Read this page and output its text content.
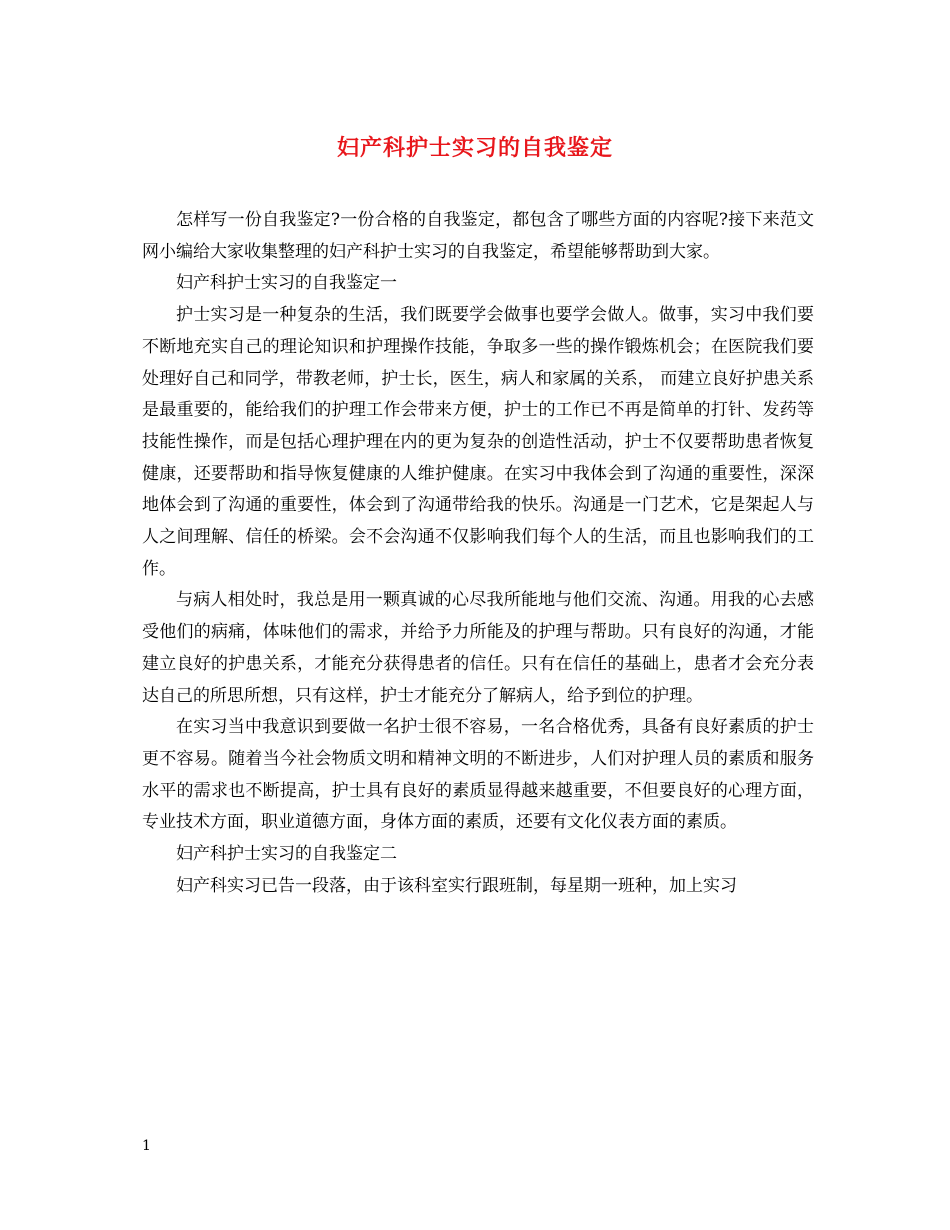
妇产科护士实习的自我鉴定

怎样写一份自我鉴定?一份合格的自我鉴定，都包含了哪些方面的内容呢?接下来范文网小编给大家收集整理的妇产科护士实习的自我鉴定，希望能够帮助到大家。

妇产科护士实习的自我鉴定一

护士实习是一种复杂的生活，我们既要学会做事也要学会做人。做事，实习中我们要不断地充实自己的理论知识和护理操作技能，争取多一些的操作锻炼机会；在医院我们要处理好自己和同学，带教老师，护士长，医生，病人和家属的关系， 而建立良好护患关系是最重要的，能给我们的护理工作会带来方便，护士的工作已不再是简单的打针、发药等技能性操作，而是包括心理护理在内的更为复杂的创造性活动，护士不仅要帮助患者恢复健康，还要帮助和指导恢复健康的人维护健康。在实习中我体会到了沟通的重要性，深深地体会到了沟通的重要性，体会到了沟通带给我的快乐。沟通是一门艺术，它是架起人与人之间理解、信任的桥梁。会不会沟通不仅影响我们每个人的生活，而且也影响我们的工作。

与病人相处时，我总是用一颗真诚的心尽我所能地与他们交流、沟通。用我的心去感受他们的病痛，体味他们的需求，并给予力所能及的护理与帮助。只有良好的沟通，才能建立良好的护患关系，才能充分获得患者的信任。只有在信任的基础上，患者才会充分表达自己的所思所想，只有这样，护士才能充分了解病人，给予到位的护理。

在实习当中我意识到要做一名护士很不容易，一名合格优秀，具备有良好素质的护士更不容易。随着当今社会物质文明和精神文明的不断进步，人们对护理人员的素质和服务水平的需求也不断提高，护士具有良好的素质显得越来越重要，不但要良好的心理方面，专业技术方面，职业道德方面，身体方面的素质，还要有文化仪表方面的素质。

妇产科护士实习的自我鉴定二

妇产科实习已告一段落，由于该科室实行跟班制，每星期一班种，加上实习

1
